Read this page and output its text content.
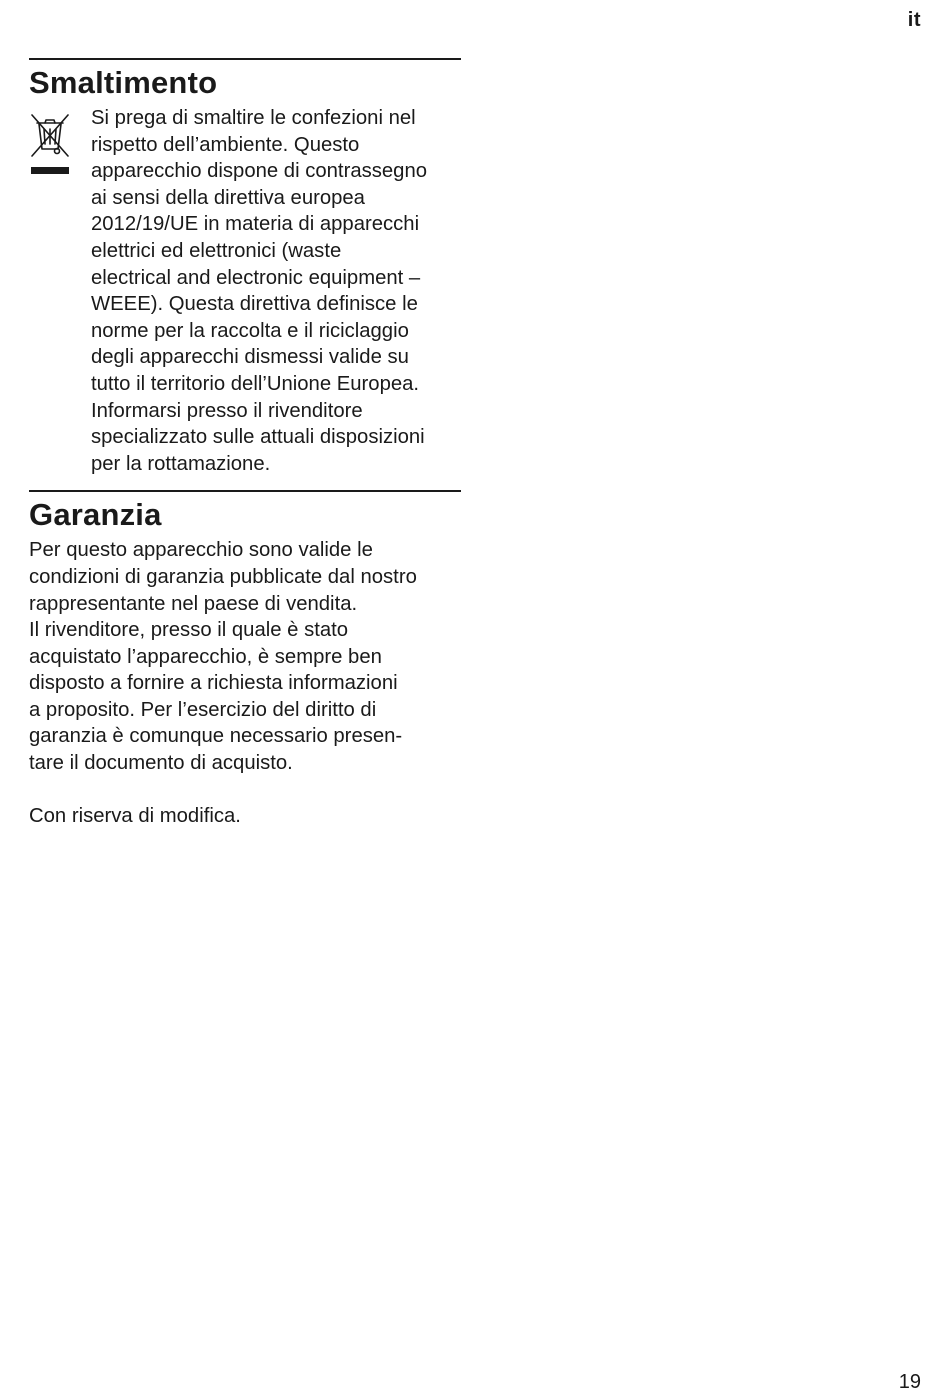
it
Smaltimento

Si prega di smaltire le confezioni nel
rispetto dell’ambiente. Questo
apparecchio dispone di contrassegno
ai sensi della direttiva europea
2012/19/UE in materia di apparecchi
elettrici ed elettronici (waste
electrical and electronic equipment –
WEEE). Questa direttiva definisce le
norme per la raccolta e il riciclaggio
degli apparecchi dismessi valide su
tutto il territorio dell’Unione Europea.
Informarsi presso il rivenditore
specializzato sulle attuali disposizioni
per la rottamazione.

Garanzia

Per questo apparecchio sono valide le
condizioni di garanzia pubblicate dal nostro
rappresentante nel paese di vendita.
Il rivenditore, presso il quale è stato
acquistato l’apparecchio, è sempre ben
disposto a fornire a richiesta informazioni
a proposito. Per l’esercizio del diritto di
garanzia è comunque necessario presen-
tare il documento di acquisto.

Con riserva di modifica.

19
